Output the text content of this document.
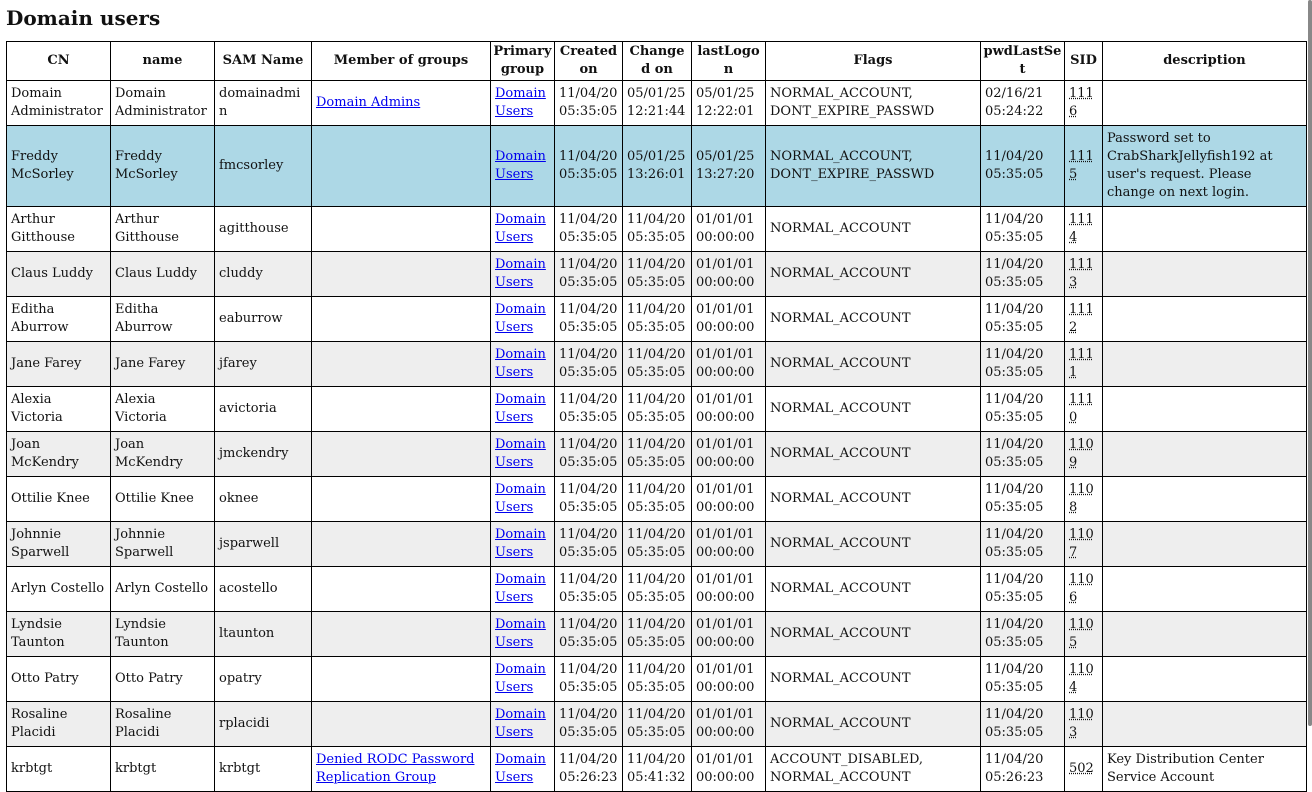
Domain users
CN	name	SAM Name	Member of groups	Primary group	Created on	Changed on	lastLogon	Flags	pwdLastSet	SID	description
Domain Administrator	Domain Administrator	domainadmin	Domain Admins	Domain Users	11/04/20 05:35:05	05/01/25 12:21:44	05/01/25 12:22:01	NORMAL_ACCOUNT, DONT_EXPIRE_PASSWD	02/16/21 05:24:22	1116	
Freddy McSorley	Freddy McSorley	fmcsorley		Domain Users	11/04/20 05:35:05	05/01/25 13:26:01	05/01/25 13:27:20	NORMAL_ACCOUNT, DONT_EXPIRE_PASSWD	11/04/20 05:35:05	1115	Password set to CrabSharkJellyfish192 at user's request. Please change on next login.
Arthur Gitthouse	Arthur Gitthouse	agitthouse		Domain Users	11/04/20 05:35:05	11/04/20 05:35:05	01/01/01 00:00:00	NORMAL_ACCOUNT	11/04/20 05:35:05	1114	
Claus Luddy	Claus Luddy	cluddy		Domain Users	11/04/20 05:35:05	11/04/20 05:35:05	01/01/01 00:00:00	NORMAL_ACCOUNT	11/04/20 05:35:05	1113	
Editha Aburrow	Editha Aburrow	eaburrow		Domain Users	11/04/20 05:35:05	11/04/20 05:35:05	01/01/01 00:00:00	NORMAL_ACCOUNT	11/04/20 05:35:05	1112	
Jane Farey	Jane Farey	jfarey		Domain Users	11/04/20 05:35:05	11/04/20 05:35:05	01/01/01 00:00:00	NORMAL_ACCOUNT	11/04/20 05:35:05	1111	
Alexia Victoria	Alexia Victoria	avictoria		Domain Users	11/04/20 05:35:05	11/04/20 05:35:05	01/01/01 00:00:00	NORMAL_ACCOUNT	11/04/20 05:35:05	1110	
Joan McKendry	Joan McKendry	jmckendry		Domain Users	11/04/20 05:35:05	11/04/20 05:35:05	01/01/01 00:00:00	NORMAL_ACCOUNT	11/04/20 05:35:05	1109	
Ottilie Knee	Ottilie Knee	oknee		Domain Users	11/04/20 05:35:05	11/04/20 05:35:05	01/01/01 00:00:00	NORMAL_ACCOUNT	11/04/20 05:35:05	1108	
Johnnie Sparwell	Johnnie Sparwell	jsparwell		Domain Users	11/04/20 05:35:05	11/04/20 05:35:05	01/01/01 00:00:00	NORMAL_ACCOUNT	11/04/20 05:35:05	1107	
Arlyn Costello	Arlyn Costello	acostello		Domain Users	11/04/20 05:35:05	11/04/20 05:35:05	01/01/01 00:00:00	NORMAL_ACCOUNT	11/04/20 05:35:05	1106	
Lyndsie Taunton	Lyndsie Taunton	ltaunton		Domain Users	11/04/20 05:35:05	11/04/20 05:35:05	01/01/01 00:00:00	NORMAL_ACCOUNT	11/04/20 05:35:05	1105	
Otto Patry	Otto Patry	opatry		Domain Users	11/04/20 05:35:05	11/04/20 05:35:05	01/01/01 00:00:00	NORMAL_ACCOUNT	11/04/20 05:35:05	1104	
Rosaline Placidi	Rosaline Placidi	rplacidi		Domain Users	11/04/20 05:35:05	11/04/20 05:35:05	01/01/01 00:00:00	NORMAL_ACCOUNT	11/04/20 05:35:05	1103	
krbtgt	krbtgt	krbtgt	Denied RODC Password Replication Group	Domain Users	11/04/20 05:26:23	11/04/20 05:41:32	01/01/01 00:00:00	ACCOUNT_DISABLED, NORMAL_ACCOUNT	11/04/20 05:26:23	502	Key Distribution Center Service Account
